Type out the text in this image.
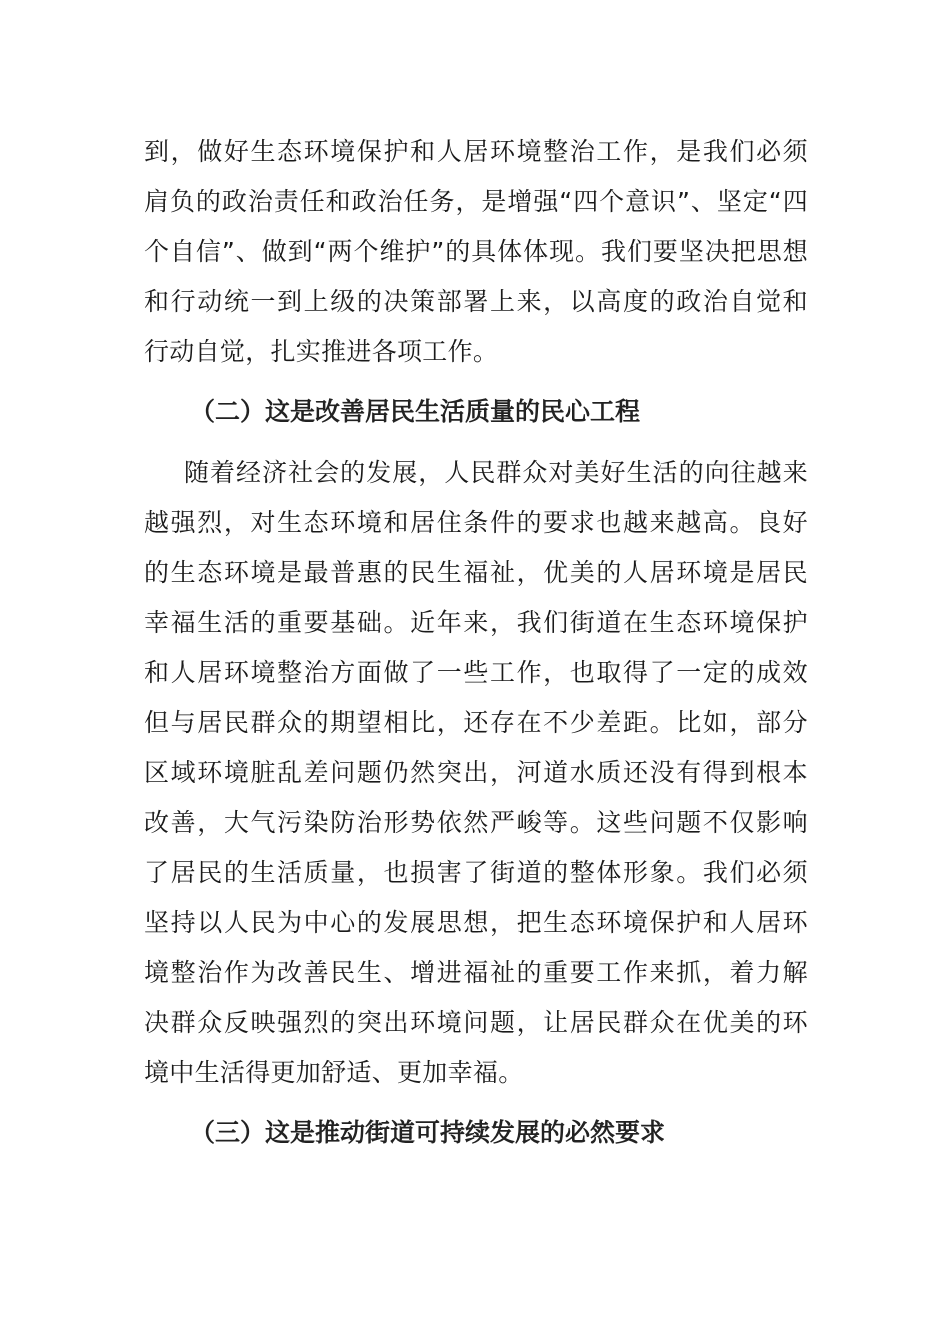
到，做好生态环境保护和人居环境整治工作，是我们必须
肩负的政治责任和政治任务，是增强“四个意识”、坚定“四
个自信”、做到“两个维护”的具体体现。我们要坚决把思想
和行动统一到上级的决策部署上来，以高度的政治自觉和
行动自觉，扎实推进各项工作。
（二）这是改善居民生活质量的民心工程
随着经济社会的发展，人民群众对美好生活的向往越来
越强烈，对生态环境和居住条件的要求也越来越高。良好
的生态环境是最普惠的民生福祉，优美的人居环境是居民
幸福生活的重要基础。近年来，我们街道在生态环境保护
和人居环境整治方面做了一些工作，也取得了一定的成效
但与居民群众的期望相比，还存在不少差距。比如，部分
区域环境脏乱差问题仍然突出，河道水质还没有得到根本
改善，大气污染防治形势依然严峻等。这些问题不仅影响
了居民的生活质量，也损害了街道的整体形象。我们必须
坚持以人民为中心的发展思想，把生态环境保护和人居环
境整治作为改善民生、增进福祉的重要工作来抓，着力解
决群众反映强烈的突出环境问题，让居民群众在优美的环
境中生活得更加舒适、更加幸福。
（三）这是推动街道可持续发展的必然要求
